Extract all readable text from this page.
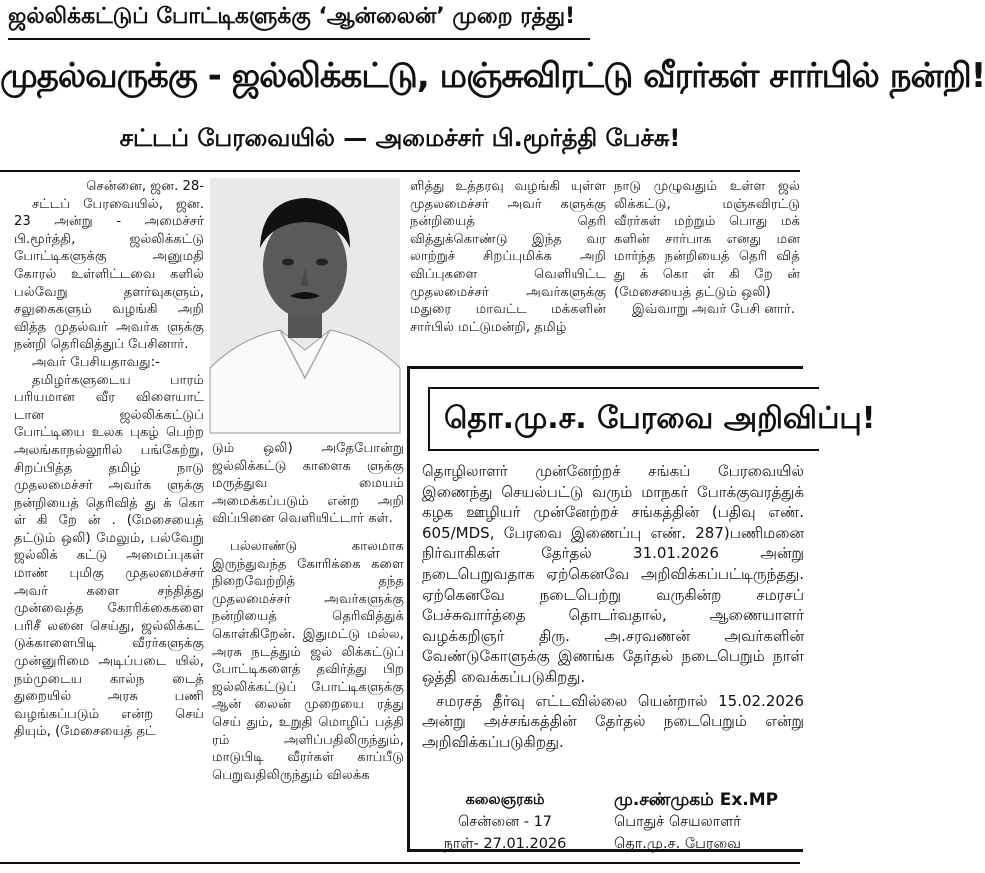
ஜல்லிக்கட்டுப் போட்டிகளுக்கு ‘ஆன்லைன்’ முறை ரத்து!
முதல்வருக்கு - ஜல்லிக்கட்டு, மஞ்சுவிரட்டு வீரர்கள் சார்பில் நன்றி!
சட்டப் பேரவையில் — அமைச்சர் பி.மூர்த்தி பேச்சு!

சென்னை, ஜன. 28-

சட்டப் பேரவையில், ஜன. 23 அன்று - அமைச்சர் பி.மூர்த்தி, ஜல்லிக்கட்டு போட்டிகளுக்கு அனுமதி கோரல் உள்ளிட்டவை களில் பல்வேறு தளர்வுகளும், சலுகைகளும் வழங்கி அறி வித்த முதல்வர் அவர்க ளுக்கு நன்றி தெரிவித்துப் பேசினார்.

அவர் பேசியதாவது:-

தமிழர்களுடைய பாரம் பரியமான வீர விளையாட் டான ஜல்லிக்கட்டுப் போட்டியை உலக புகழ் பெற்ற அலங்காநல்லூரில் பங்கேற்று, சிறப்பித்த தமிழ் நாடு முதலமைச்சர் அவர்க ளுக்கு நன்றியைத் தெரிவித் து க் கொ ள் கி றே ன் . (மேசையைத் தட்டும் ஒலி) மேலும், பல்வேறு ஜல்லிக் கட்டு அமைப்புகள் மாண் புமிகு முதலமைச்சர் அவர் களை சந்தித்து முன்வைத்த கோரிக்கைகளை பரிசீ லனை செய்து, ஜல்லிக்கட் டுக்காளைபிடி வீரர்களுக்கு முன்னுரிமை அடிப்படை யில், நம்முடைய கால்ந டைத் துறையில் அரசு பணி வழங்கப்படும் என்ற செய் தியும், (மேசையைத் தட்

டும் ஒலி) அதேபோன்று ஜல்லிக்கட்டு காளைக ளுக்கு மருத்துவ மையம் அமைக்கப்படும் என்ற அறி விப்பினை வெளியிட்டார் கள்.

பல்லாண்டு காலமாக இருந்துவந்த கோரிக்கை களை நிறைவேற்றித் தந்த முதலமைச்சர் அவர்களுக்கு நன்றியைத் தெரிவித்துக் கொள்கிறேன். இதுமட்டு மல்ல, அரசு நடத்தும் ஜல் லிக்கட்டுப் போட்டிகளைத் தவிர்த்து பிற ஜல்லிக்கட்டுப் போட்டிகளுக்கு ஆன் லைன் முறையை ரத்து செய் தும், உறுதி மொழிப் பத்தி ரம் அளிப்பதிலிருந்தும், மாடுபிடி வீரர்கள் காப்பீடு பெறுவதிலிருந்தும் விலக்க

ளித்து உத்தரவு வழங்கி யுள்ள முதலமைச்சர் அவர் களுக்கு நன்றியைத் தெரி வித்துக்கொண்டு இந்த வர லாற்றுச் சிறப்புமிக்க அறி விப்புகளை வெளியிட்ட முதலமைச்சர் அவர்களுக்கு மதுரை மாவட்ட மக்களின் சார்பில் மட்டுமன்றி, தமிழ்

நாடு முழுவதும் உள்ள ஜல் லிக்கட்டு, மஞ்சுவிரட்டு வீரர்கள் மற்றும் பொது மக் களின் சார்பாக எனது மன மார்ந்த நன்றியைத் தெரி வித் து க் கொ ள் கி றே ன் (மேசையைத் தட்டும் ஒலி)

இவ்வாறு அவர் பேசி னார்.

தொ.மு.ச. பேரவை அறிவிப்பு!

தொழிலாளர் முன்னேற்றச் சங்கப் பேரவையில் இணைந்து செயல்பட்டு வரும் மாநகர் போக்குவரத்துக் கழக ஊழியர் முன்னேற்றச் சங்கத்தின் (பதிவு எண். 605/MDS, பேரவை இணைப்பு எண். 287)பணிமனை நிர்வாகிகள் தேர்தல் 31.01.2026 அன்று நடைபெறுவதாக ஏற்கெனவே அறிவிக்கப்பட்டிருந்தது. ஏற்கெனவே நடைபெற்று வருகின்ற சமரசப் பேச்சுவார்த்தை தொடர்வதால், ஆணையாளர் வழக்கறிஞர் திரு. அ.சரவணன் அவர்களின் வேண்டுகோளுக்கு இணங்க தேர்தல் நடைபெறும் நாள் ஒத்தி வைக்கப்படுகிறது.

சமரசத் தீர்வு எட்டவில்லை யென்றால் 15.02.2026 அன்று அச்சங்கத்தின் தேர்தல் நடைபெறும் என்று அறிவிக்கப்படுகிறது.

கலைஞரகம்
சென்னை - 17
நாள்- 27.01.2026
மு.சண்முகம் Ex.MP
பொதுச் செயலாளர்
தொ.மு.ச. பேரவை
